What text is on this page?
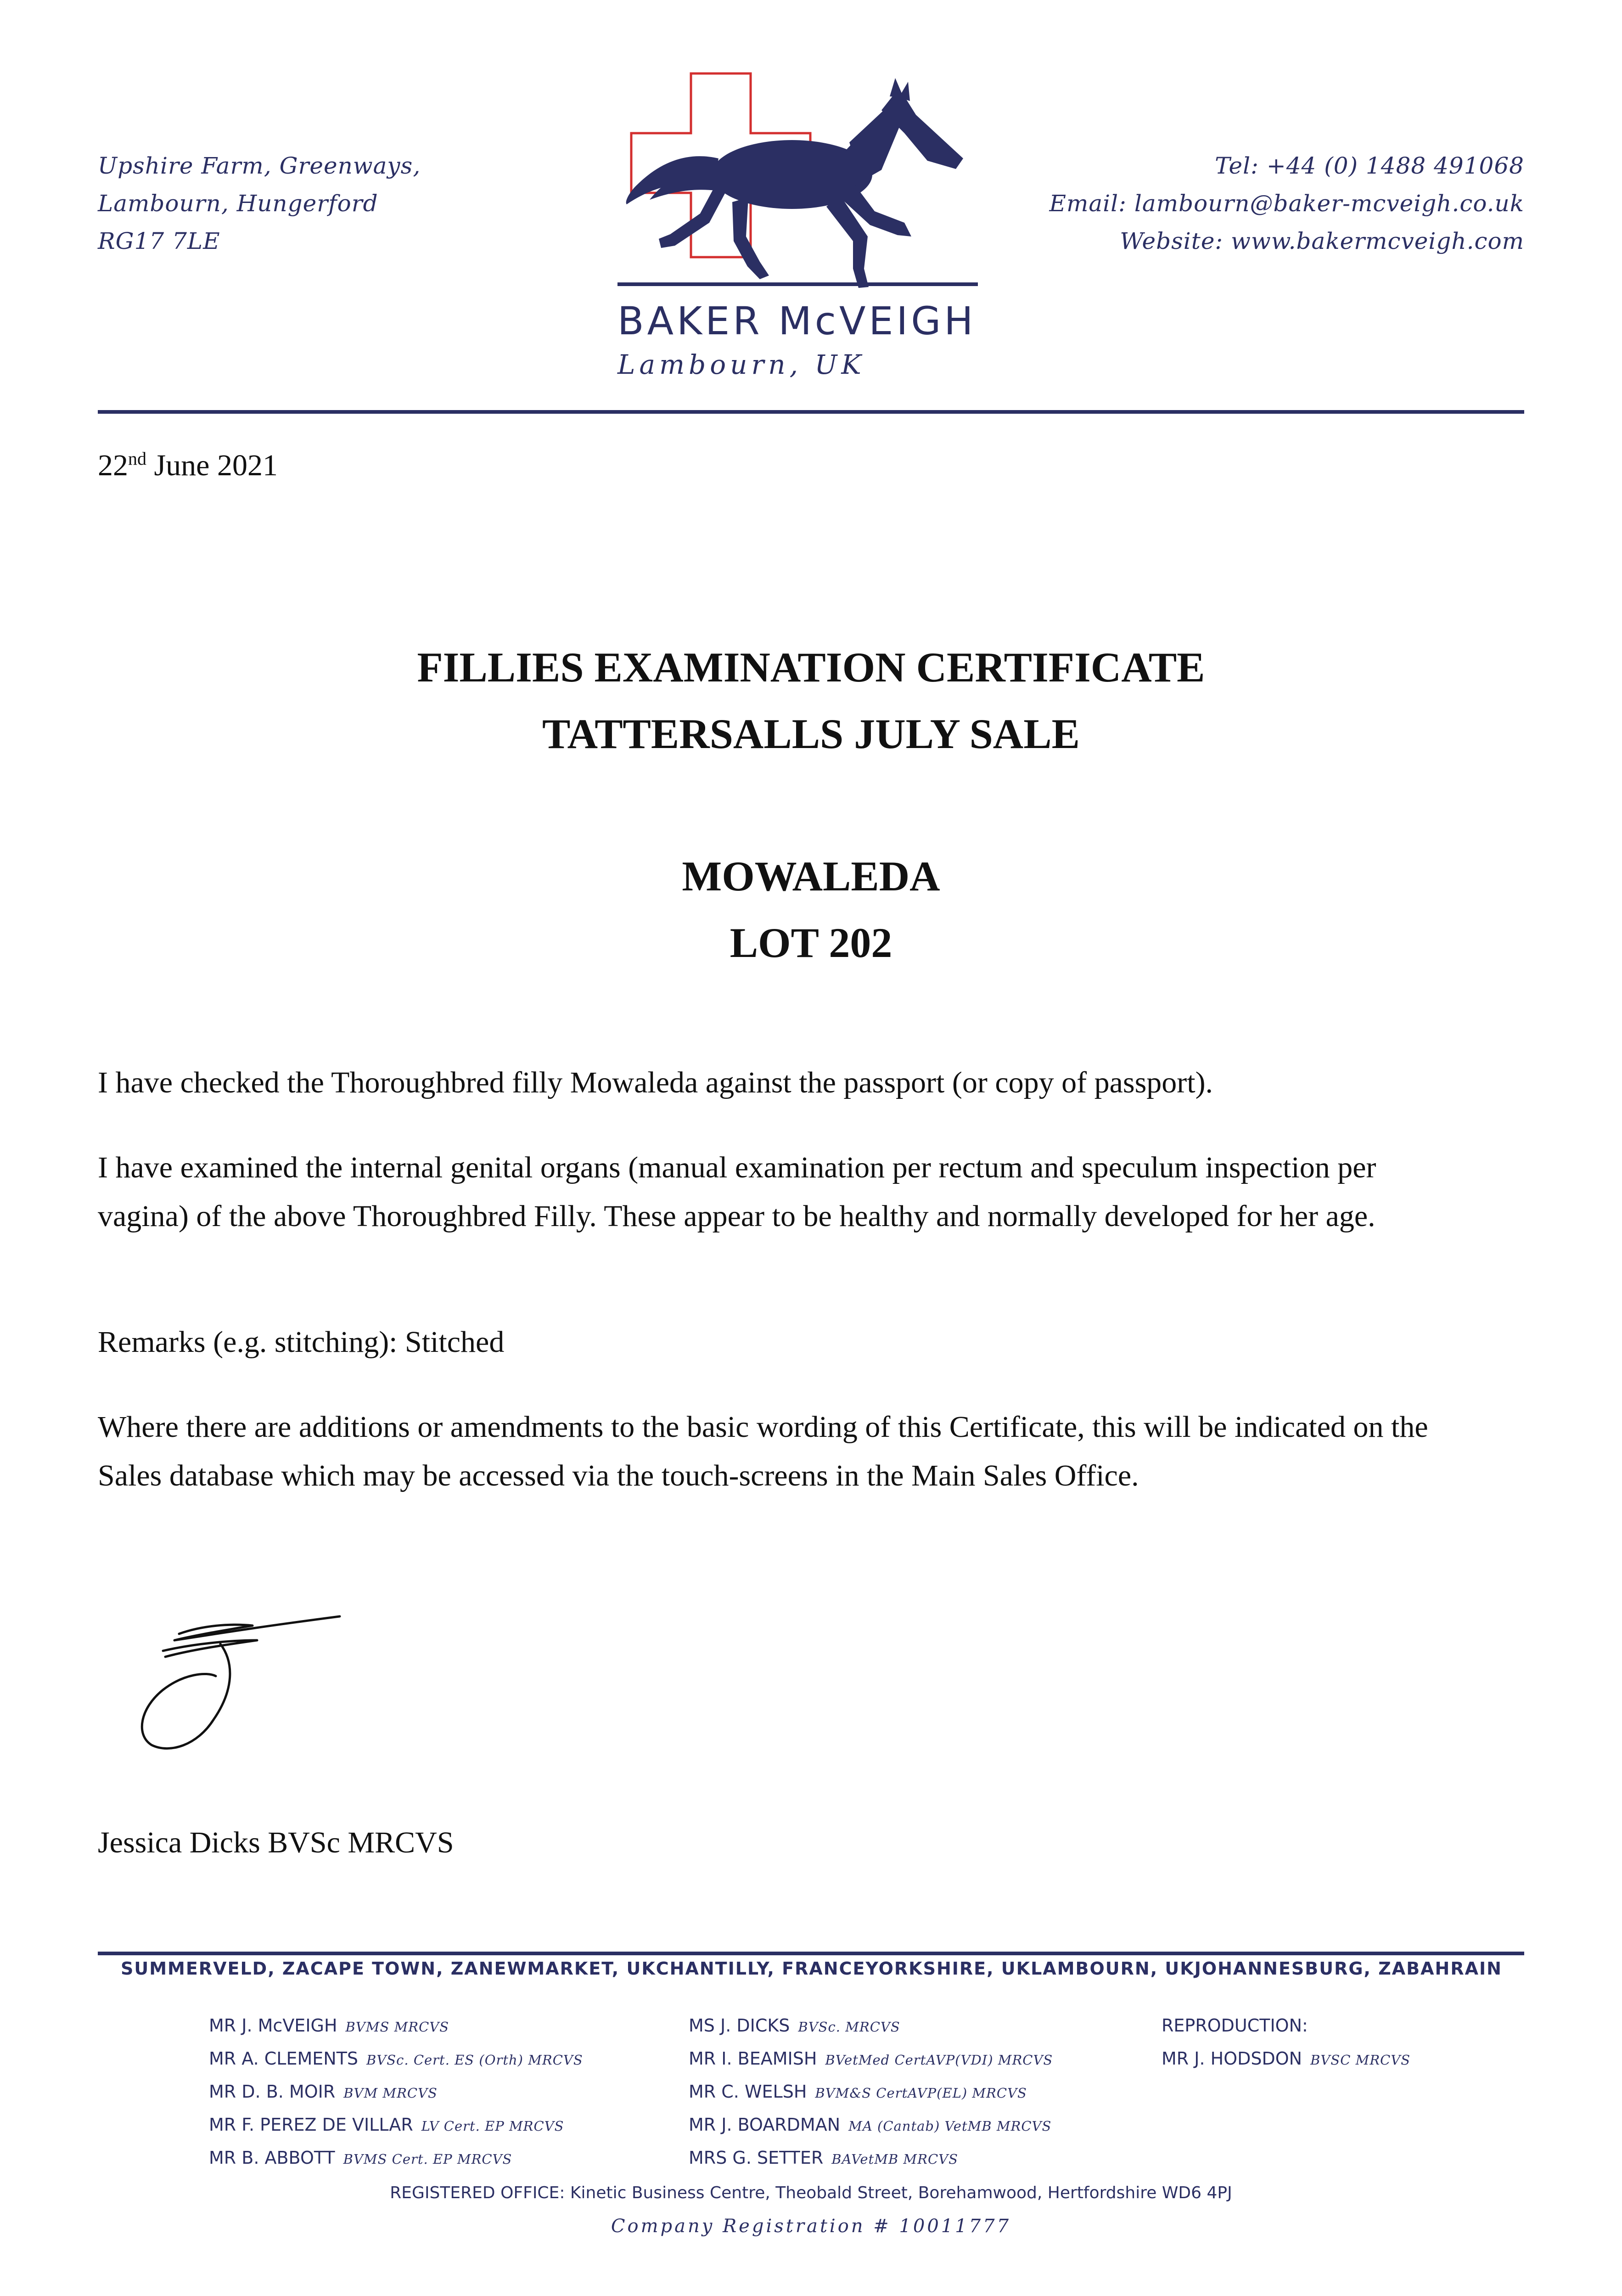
Upshire Farm, Greenways,
Lambourn, Hungerford
RG17 7LE
BAKER McVEIGH
Lambourn, UK
Tel: +44 (0) 1488 491068
Email: lambourn@baker-mcveigh.co.uk
Website: www.bakermcveigh.com
22nd June 2021
FILLIES EXAMINATION CERTIFICATE
TATTERSALLS JULY SALE
MOWALEDA
LOT 202
I have checked the Thoroughbred filly Mowaleda against the passport (or copy of passport).
I have examined the internal genital organs (manual examination per rectum and speculum inspection per vagina) of the above Thoroughbred Filly. These appear to be healthy and normally developed for her age.
Remarks (e.g. stitching): Stitched
Where there are additions or amendments to the basic wording of this Certificate, this will be indicated on the Sales database which may be accessed via the touch-screens in the Main Sales Office.
Jessica Dicks BVSc MRCVS
SUMMERVELD, ZA CAPE TOWN, ZA NEWMARKET, UK CHANTILLY, FRANCE YORKSHIRE, UK LAMBOURN, UK JOHANNESBURG, ZA BAHRAIN
MR J. McVEIGH BVMS MRCVS
MR A. CLEMENTS BVSc. Cert. ES (Orth) MRCVS
MR D. B. MOIR BVM MRCVS
MR F. PEREZ DE VILLAR LV Cert. EP MRCVS
MR B. ABBOTT BVMS Cert. EP MRCVS
MS J. DICKS BVSc. MRCVS
MR I. BEAMISH BVetMed CertAVP(VDI) MRCVS
MR C. WELSH BVM&S CertAVP(EL) MRCVS
MR J. BOARDMAN MA (Cantab) VetMB MRCVS
MRS G. SETTER BAVetMB MRCVS
REPRODUCTION:
MR J. HODSDON BVSC MRCVS
REGISTERED OFFICE: Kinetic Business Centre, Theobald Street, Borehamwood, Hertfordshire WD6 4PJ
Company Registration # 10011777
